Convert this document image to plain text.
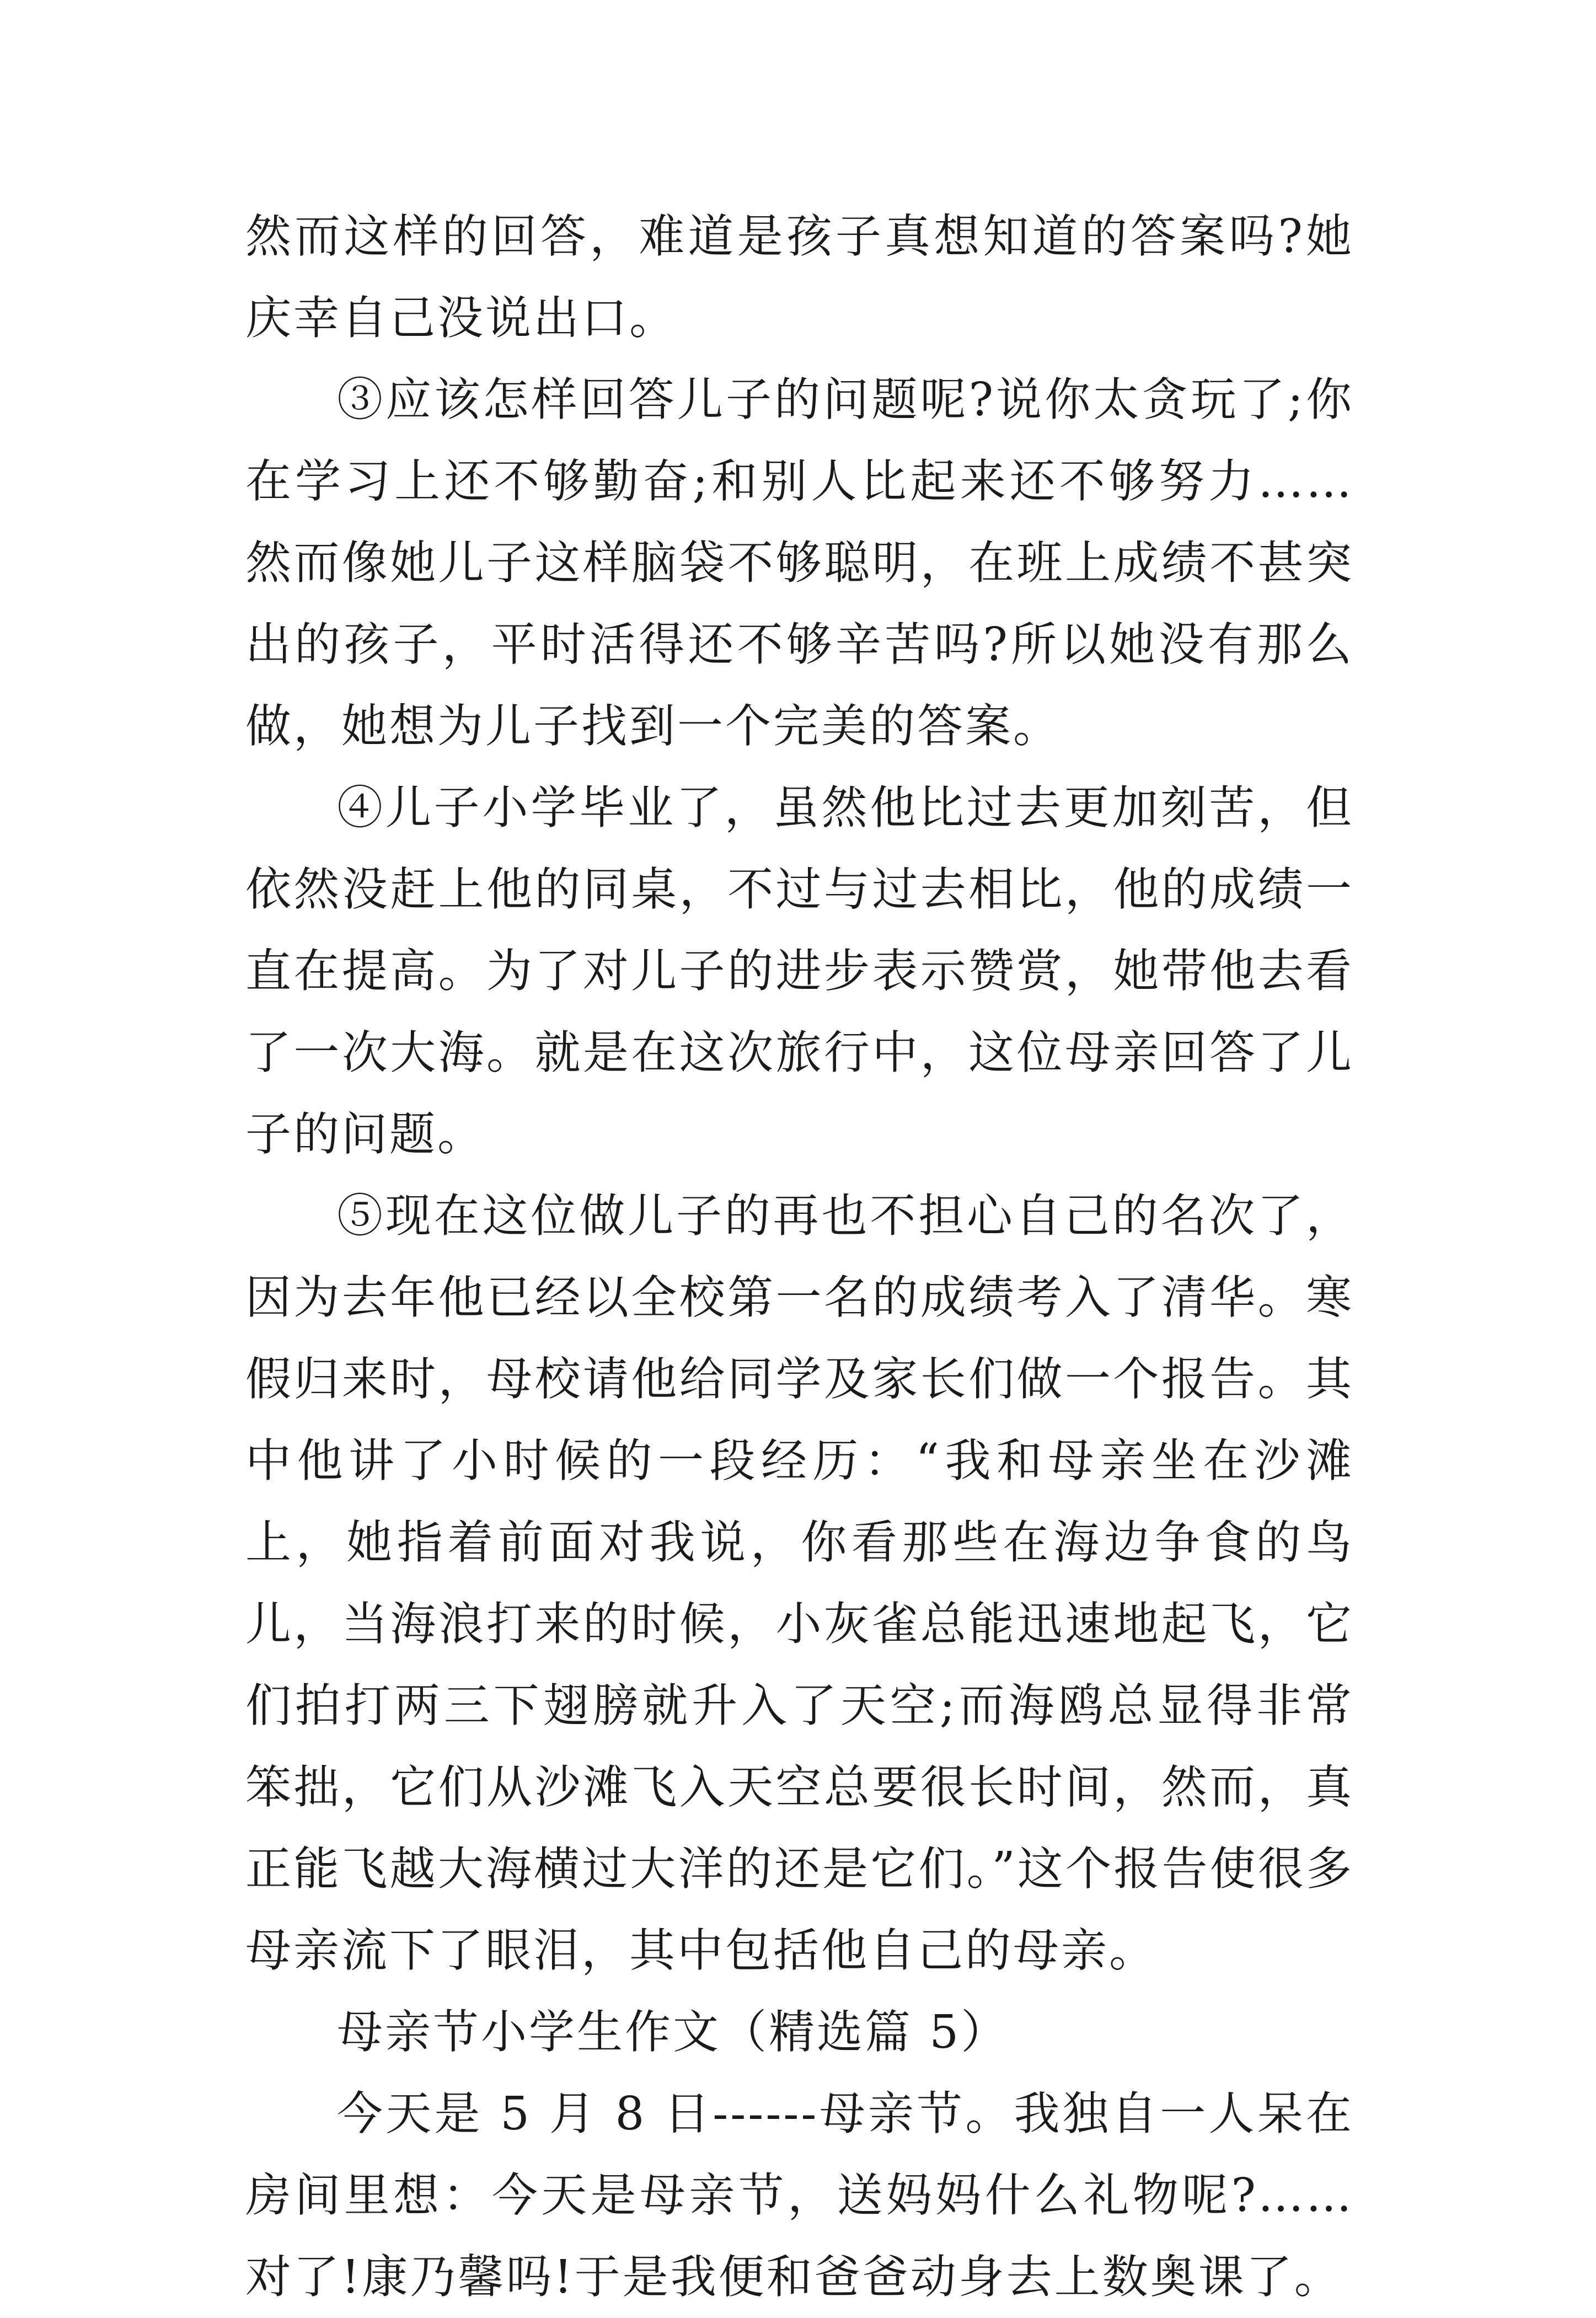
然而这样的回答，难道是孩子真想知道的答案吗?她庆幸自己没说出口。

③应该怎样回答儿子的问题呢?说你太贪玩了;你在学习上还不够勤奋;和别人比起来还不够努力……然而像她儿子这样脑袋不够聪明，在班上成绩不甚突出的孩子，平时活得还不够辛苦吗?所以她没有那么做，她想为儿子找到一个完美的答案。

④儿子小学毕业了，虽然他比过去更加刻苦，但依然没赶上他的同桌，不过与过去相比，他的成绩一直在提高。为了对儿子的进步表示赞赏，她带他去看了一次大海。就是在这次旅行中，这位母亲回答了儿子的问题。

⑤现在这位做儿子的再也不担心自己的名次了，因为去年他已经以全校第一名的成绩考入了清华。寒假归来时，母校请他给同学及家长们做一个报告。其中他讲了小时候的一段经历：“我和母亲坐在沙滩上，她指着前面对我说，你看那些在海边争食的鸟儿，当海浪打来的时候，小灰雀总能迅速地起飞，它们拍打两三下翅膀就升入了天空;而海鸥总显得非常笨拙，它们从沙滩飞入天空总要很长时间，然而，真正能飞越大海横过大洋的还是它们。”这个报告使很多母亲流下了眼泪，其中包括他自己的母亲。

母亲节小学生作文（精选篇 5）

今天是 5 月 8 日------母亲节。我独自一人呆在房间里想：今天是母亲节，送妈妈什么礼物呢?……对了!康乃馨吗!于是我便和爸爸动身去上数奥课了。
